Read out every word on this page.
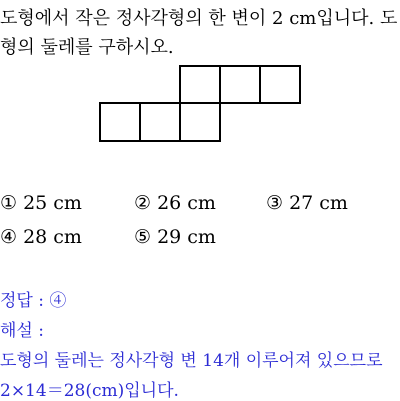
도형에서 작은 정사각형의 한 변이 2 cm입니다. 도
형의 둘레를 구하시오.
① 25 cm	② 26 cm	③ 27 cm
④ 28 cm	⑤ 29 cm
정답 : ④
해설 :
도형의 둘레는 정사각형 변 14개 이루어져 있으므로
2×14＝28(cm)입니다.
